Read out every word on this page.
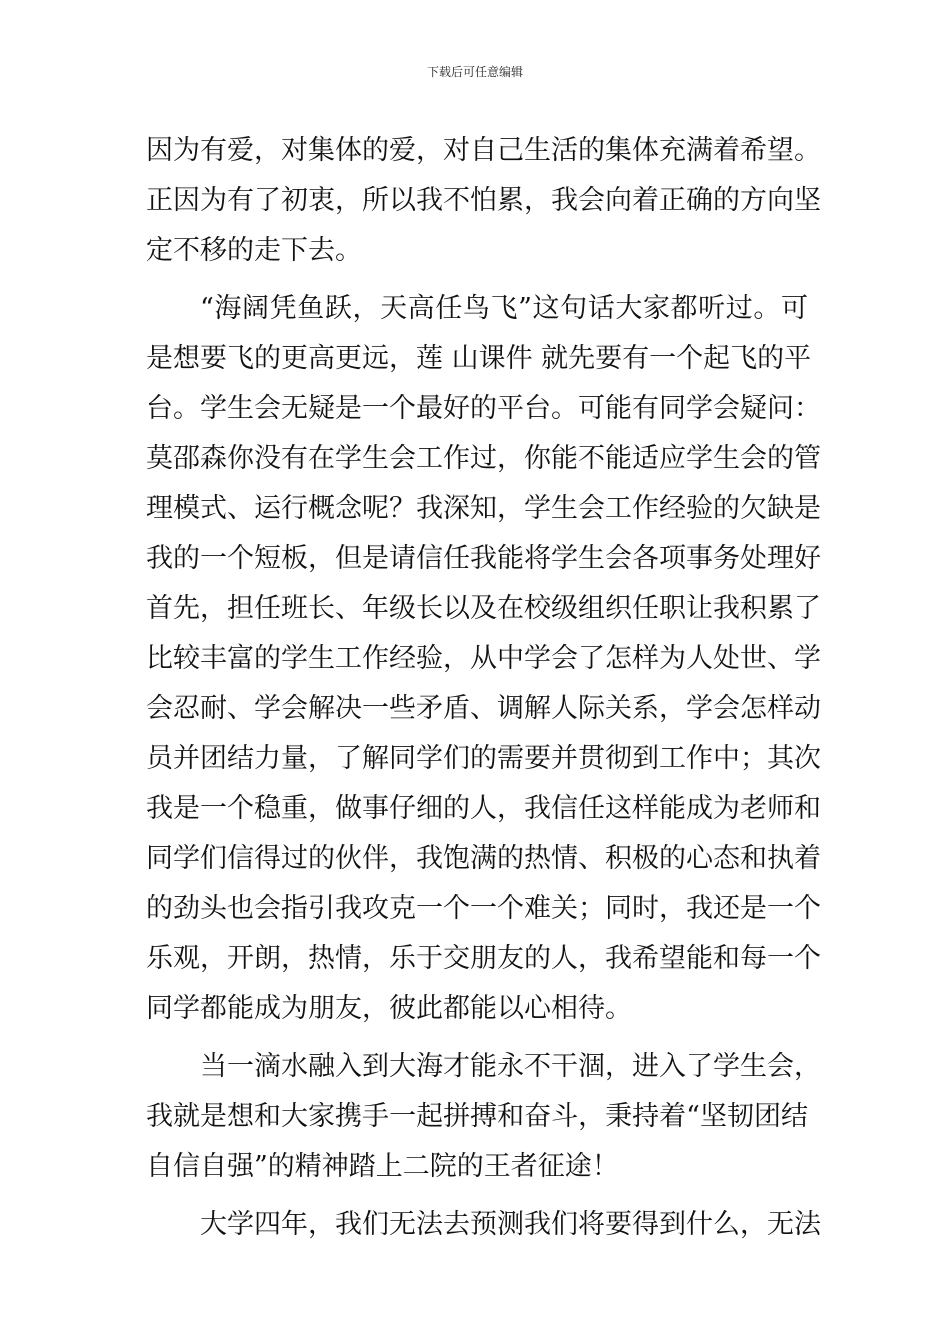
下载后可任意编辑
因为有爱，对集体的爱，对自己生活的集体充满着希望。
正因为有了初衷，所以我不怕累，我会向着正确的方向坚
定不移的走下去。
“海阔凭鱼跃，天高任鸟飞”这句话大家都听过。可
是想要飞的更高更远，莲 山课件 就先要有一个起飞的平
台。学生会无疑是一个最好的平台。可能有同学会疑问：
莫邵森你没有在学生会工作过，你能不能适应学生会的管
理模式、运行概念呢？我深知，学生会工作经验的欠缺是
我的一个短板，但是请信任我能将学生会各项事务处理好
首先，担任班长、年级长以及在校级组织任职让我积累了
比较丰富的学生工作经验，从中学会了怎样为人处世、学
会忍耐、学会解决一些矛盾、调解人际关系，学会怎样动
员并团结力量，了解同学们的需要并贯彻到工作中；其次
我是一个稳重，做事仔细的人，我信任这样能成为老师和
同学们信得过的伙伴，我饱满的热情、积极的心态和执着
的劲头也会指引我攻克一个一个难关；同时，我还是一个
乐观，开朗，热情，乐于交朋友的人，我希望能和每一个
同学都能成为朋友，彼此都能以心相待。
当一滴水融入到大海才能永不干涸，进入了学生会，
我就是想和大家携手一起拼搏和奋斗，秉持着“坚韧团结
自信自强”的精神踏上二院的王者征途！
大学四年，我们无法去预测我们将要得到什么，无法
